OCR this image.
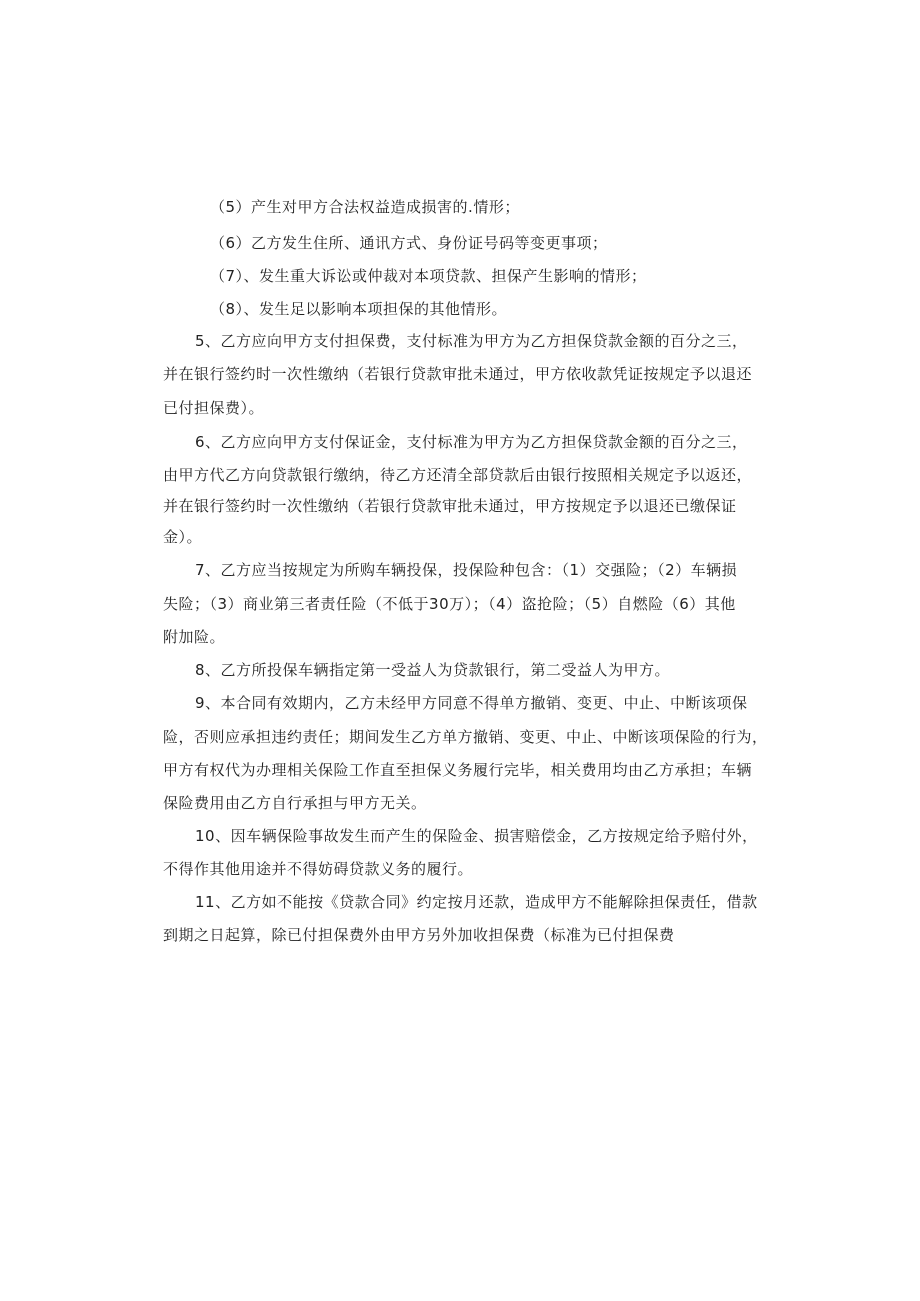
（5）产生对甲方合法权益造成损害的.情形；
（6）乙方发生住所、通讯方式、身份证号码等变更事项；
（7）、发生重大诉讼或仲裁对本项贷款、担保产生影响的情形；
（8）、发生足以影响本项担保的其他情形。
5、乙方应向甲方支付担保费，支付标准为甲方为乙方担保贷款金额的百分之三，
并在银行签约时一次性缴纳（若银行贷款审批未通过，甲方依收款凭证按规定予以退还
已付担保费）。
6、乙方应向甲方支付保证金，支付标准为甲方为乙方担保贷款金额的百分之三，
由甲方代乙方向贷款银行缴纳，待乙方还清全部贷款后由银行按照相关规定予以返还，
并在银行签约时一次性缴纳（若银行贷款审批未通过，甲方按规定予以退还已缴保证
金）。
7、乙方应当按规定为所购车辆投保，投保险种包含：（1）交强险；（2）车辆损
失险；（3）商业第三者责任险（不低于30万）；（4）盗抢险；（5）自燃险（6）其他
附加险。
8、乙方所投保车辆指定第一受益人为贷款银行，第二受益人为甲方。
9、本合同有效期内，乙方未经甲方同意不得单方撤销、变更、中止、中断该项保
险，否则应承担违约责任；期间发生乙方单方撤销、变更、中止、中断该项保险的行为，
甲方有权代为办理相关保险工作直至担保义务履行完毕，相关费用均由乙方承担；车辆
保险费用由乙方自行承担与甲方无关。
10、因车辆保险事故发生而产生的保险金、损害赔偿金，乙方按规定给予赔付外，
不得作其他用途并不得妨碍贷款义务的履行。
11、乙方如不能按《贷款合同》约定按月还款，造成甲方不能解除担保责任，借款
到期之日起算，除已付担保费外由甲方另外加收担保费（标准为已付担保费
